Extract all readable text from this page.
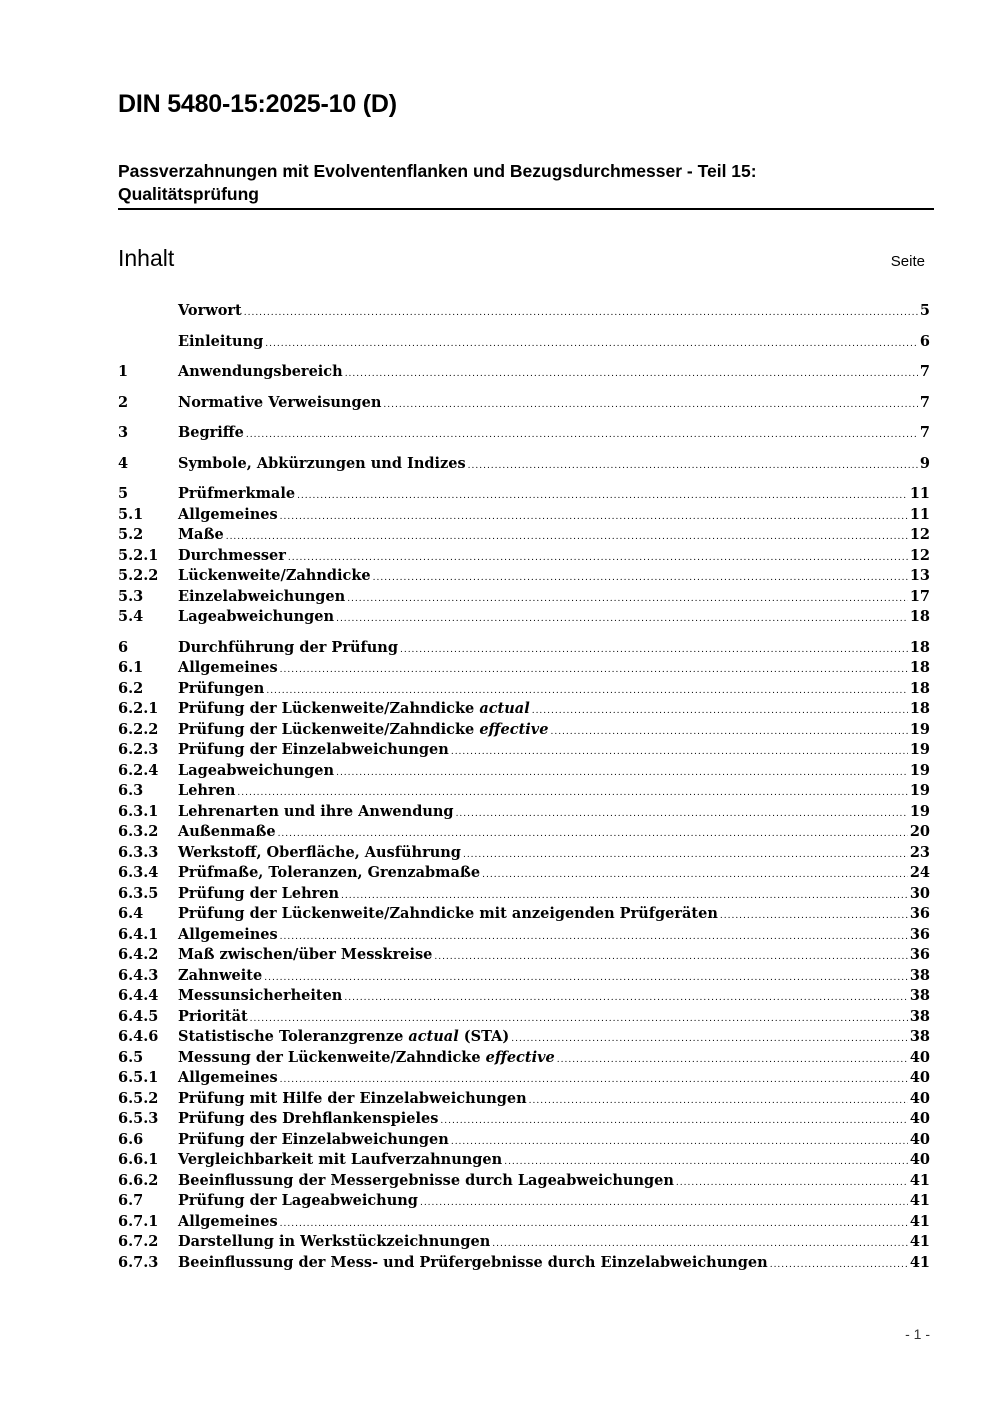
DIN 5480-15:2025-10 (D)
Passverzahnungen mit Evolventenflanken und Bezugsdurchmesser - Teil 15:
Qualitätsprüfung
Inhalt	Seite
Vorwort .....	5
Einleitung .....	6
1	Anwendungsbereich .....	7
2	Normative Verweisungen .....	7
3	Begriffe .....	7
4	Symbole, Abkürzungen und Indizes .....	9
5	Prüfmerkmale .....	11
5.1	Allgemeines .....	11
5.2	Maße .....	12
5.2.1	Durchmesser .....	12
5.2.2	Lückenweite/Zahndicke .....	13
5.3	Einzelabweichungen .....	17
5.4	Lageabweichungen .....	18
6	Durchführung der Prüfung .....	18
6.1	Allgemeines .....	18
6.2	Prüfungen .....	18
6.2.1	Prüfung der Lückenweite/Zahndicke actual .....	18
6.2.2	Prüfung der Lückenweite/Zahndicke effective .....	19
6.2.3	Prüfung der Einzelabweichungen .....	19
6.2.4	Lageabweichungen .....	19
6.3	Lehren .....	19
6.3.1	Lehrenarten und ihre Anwendung .....	19
6.3.2	Außenmaße .....	20
6.3.3	Werkstoff, Oberfläche, Ausführung .....	23
6.3.4	Prüfmaße, Toleranzen, Grenzabmaße .....	24
6.3.5	Prüfung der Lehren .....	30
6.4	Prüfung der Lückenweite/Zahndicke mit anzeigenden Prüfgeräten .....	36
6.4.1	Allgemeines .....	36
6.4.2	Maß zwischen/über Messkreise .....	36
6.4.3	Zahnweite .....	38
6.4.4	Messunsicherheiten .....	38
6.4.5	Priorität .....	38
6.4.6	Statistische Toleranzgrenze actual (STA) .....	38
6.5	Messung der Lückenweite/Zahndicke effective .....	40
6.5.1	Allgemeines .....	40
6.5.2	Prüfung mit Hilfe der Einzelabweichungen .....	40
6.5.3	Prüfung des Drehflankenspieles .....	40
6.6	Prüfung der Einzelabweichungen .....	40
6.6.1	Vergleichbarkeit mit Laufverzahnungen .....	40
6.6.2	Beeinflussung der Messergebnisse durch Lageabweichungen .....	41
6.7	Prüfung der Lageabweichung .....	41
6.7.1	Allgemeines .....	41
6.7.2	Darstellung in Werkstückzeichnungen .....	41
6.7.3	Beeinflussung der Mess- und Prüfergebnisse durch Einzelabweichungen .....	41
- 1 -
